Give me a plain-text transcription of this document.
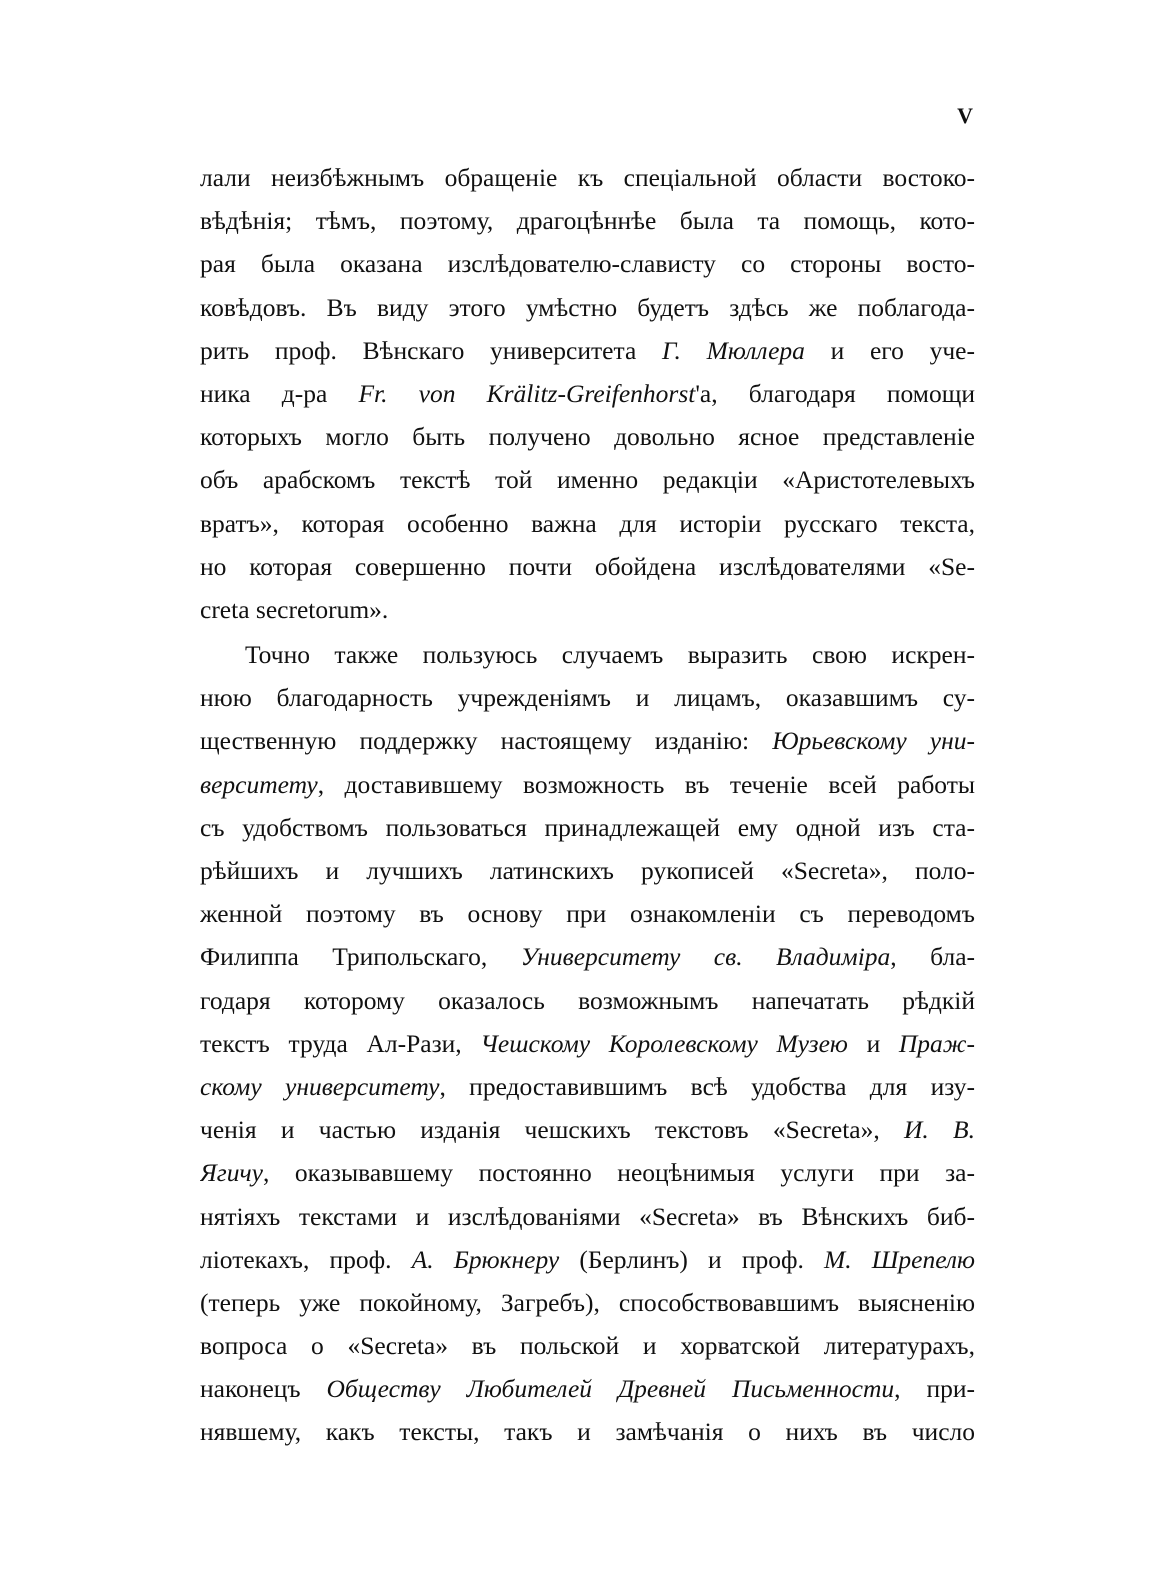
V
лали неизбѣжнымъ обращеніе къ спеціальной области востоко-
вѣдѣнія; тѣмъ, поэтому, драгоцѣннѣе была та помощь, кото-
рая была оказана изслѣдователю-слависту со стороны восто-
ковѣдовъ. Въ виду этого умѣстно будетъ здѣсь же поблагода-
рить проф. Вѣнскаго университета Г. Мюллера и его уче-
ника д-ра Fr. von Krälitz-Greifenhorst'а, благодаря помощи
которыхъ могло быть получено довольно ясное представленіе
объ арабскомъ текстѣ той именно редакціи «Аристотелевыхъ
вратъ», которая особенно важна для исторіи русскаго текста,
но которая совершенно почти обойдена изслѣдователями «Se-
creta secretorum».
Точно также пользуюсь случаемъ выразить свою искрен-
нюю благодарность учрежденіямъ и лицамъ, оказавшимъ су-
щественную поддержку настоящему изданію: Юрьевскому уни-
верситету, доставившему возможность въ теченіе всей работы
съ удобствомъ пользоваться принадлежащей ему одной изъ ста-
рѣйшихъ и лучшихъ латинскихъ рукописей «Secreta», поло-
женной поэтому въ основу при ознакомленіи съ переводомъ
Филиппа Трипольскаго, Университету св. Владиміра, бла-
годаря которому оказалось возможнымъ напечатать рѣдкій
текстъ труда Ал-Рази, Чешскому Королевскому Музею и Праж-
скому университету, предоставившимъ всѣ удобства для изу-
ченія и частью изданія чешскихъ текстовъ «Secreta», И. В.
Ягичу, оказывавшему постоянно неоцѣнимыя услуги при за-
нятіяхъ текстами и изслѣдованіями «Secreta» въ Вѣнскихъ биб-
ліотекахъ, проф. А. Брюкнеру (Берлинъ) и проф. М. Шрепелю
(теперь уже покойному, Загребъ), способствовавшимъ выясненію
вопроса о «Secreta» въ польской и хорватской литературахъ,
наконецъ Обществу Любителей Древней Письменности, при-
нявшему, какъ тексты, такъ и замѣчанія о нихъ въ число
